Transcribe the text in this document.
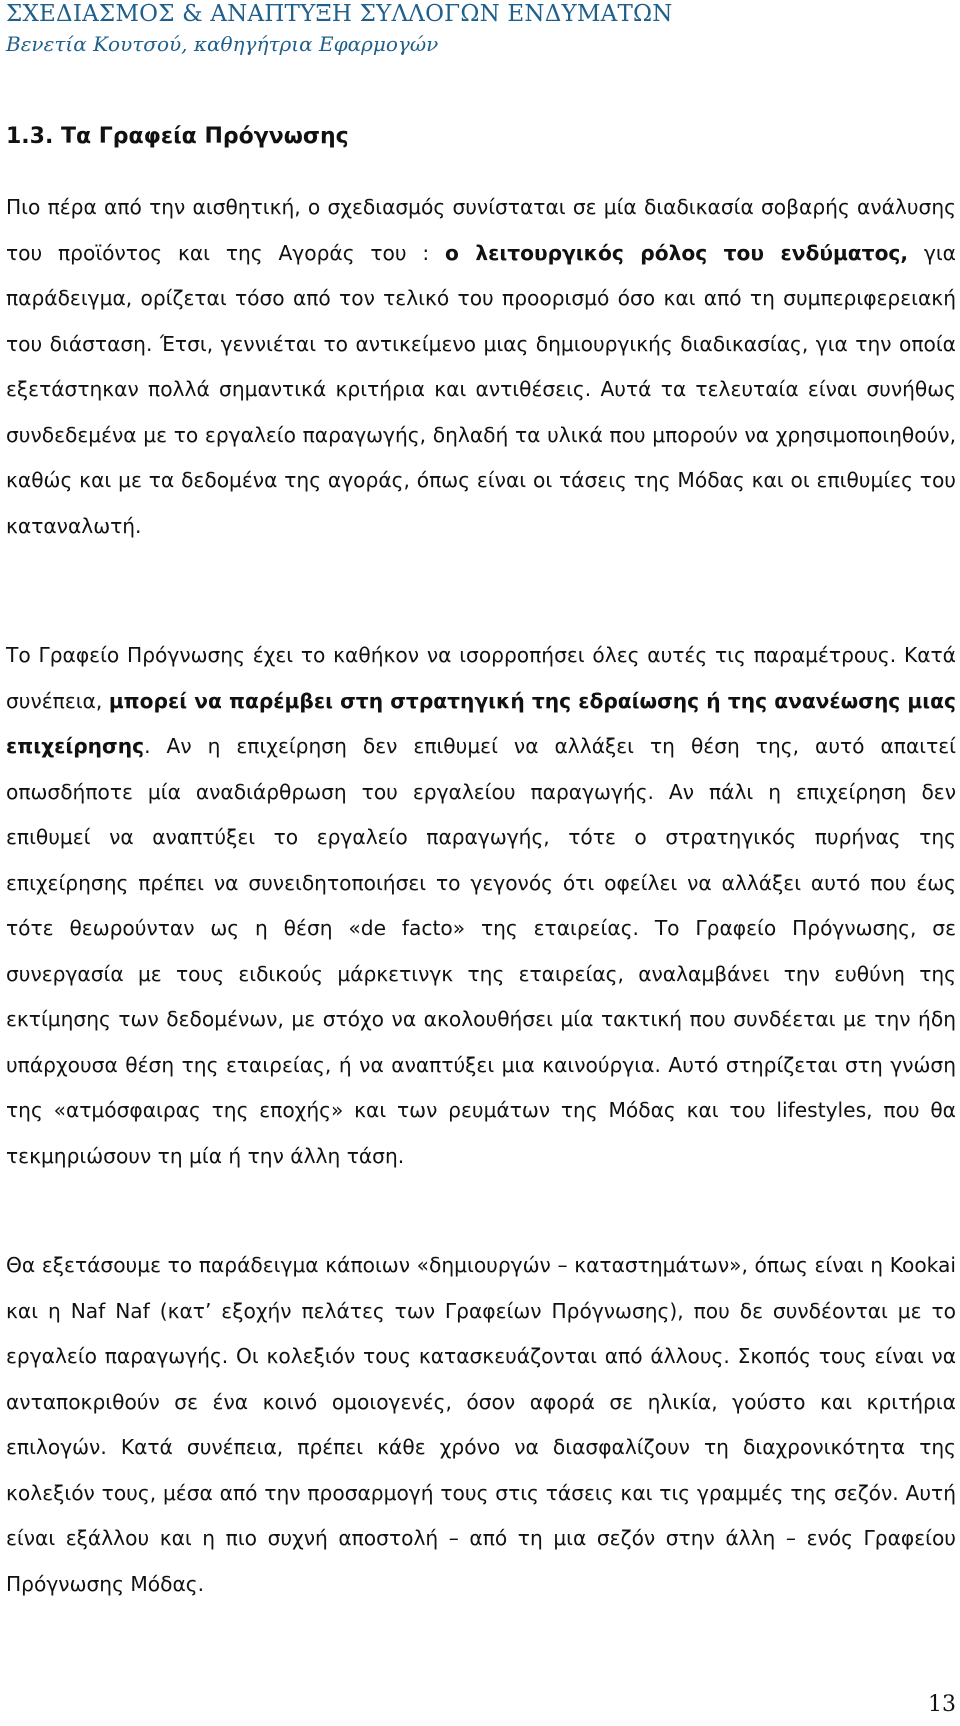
ΣΧΕΔΙΑΣΜΟΣ & ΑΝΑΠΤΥΞΗ ΣΥΛΛΟΓΩΝ ΕΝΔΥΜΑΤΩΝ
Βενετία Κουτσού, καθηγήτρια Εφαρμογών
1.3. Τα Γραφεία Πρόγνωσης

Πιο πέρα από την αισθητική, ο σχεδιασμός συνίσταται σε μία διαδικασία σοβαρής ανάλυσης του προϊόντος και της Αγοράς του : ο λειτουργικός ρόλος του ενδύματος, για παράδειγμα, ορίζεται τόσο από τον τελικό του προορισμό όσο και από τη συμπεριφερειακή του διάσταση. Έτσι, γεννιέται το αντικείμενο μιας δημιουργικής διαδικασίας, για την οποία εξετάστηκαν πολλά σημαντικά κριτήρια και αντιθέσεις. Αυτά τα τελευταία είναι συνήθως συνδεδεμένα με το εργαλείο παραγωγής, δηλαδή τα υλικά που μπορούν να χρησιμοποιηθούν, καθώς και με τα δεδομένα της αγοράς, όπως είναι οι τάσεις της Μόδας και οι επιθυμίες του καταναλωτή.

Το Γραφείο Πρόγνωσης έχει το καθήκον να ισορροπήσει όλες αυτές τις παραμέτρους. Κατά συνέπεια, μπορεί να παρέμβει στη στρατηγική της εδραίωσης ή της ανανέωσης μιας επιχείρησης. Αν η επιχείρηση δεν επιθυμεί να αλλάξει τη θέση της, αυτό απαιτεί οπωσδήποτε μία αναδιάρθρωση του εργαλείου παραγωγής. Αν πάλι η επιχείρηση δεν επιθυμεί να αναπτύξει το εργαλείο παραγωγής, τότε ο στρατηγικός πυρήνας της επιχείρησης πρέπει να συνειδητοποιήσει το γεγονός ότι οφείλει να αλλάξει αυτό που έως τότε θεωρούνταν ως η θέση «de facto» της εταιρείας. Το Γραφείο Πρόγνωσης, σε συνεργασία με τους ειδικούς μάρκετινγκ της εταιρείας, αναλαμβάνει την ευθύνη της εκτίμησης των δεδομένων, με στόχο να ακολουθήσει μία τακτική που συνδέεται με την ήδη υπάρχουσα θέση της εταιρείας, ή να αναπτύξει μια καινούργια. Αυτό στηρίζεται στη γνώση της «ατμόσφαιρας της εποχής» και των ρευμάτων της Μόδας και του lifestyles, που θα τεκμηριώσουν τη μία ή την άλλη τάση.

Θα εξετάσουμε το παράδειγμα κάποιων «δημιουργών – καταστημάτων», όπως είναι η Kookai και η Naf Naf (κατ’ εξοχήν πελάτες των Γραφείων Πρόγνωσης), που δε συνδέονται με το εργαλείο παραγωγής. Οι κολεξιόν τους κατασκευάζονται από άλλους. Σκοπός τους είναι να ανταποκριθούν σε ένα κοινό ομοιογενές, όσον αφορά σε ηλικία, γούστο και κριτήρια επιλογών. Κατά συνέπεια, πρέπει κάθε χρόνο να διασφαλίζουν τη διαχρονικότητα της κολεξιόν τους, μέσα από την προσαρμογή τους στις τάσεις και τις γραμμές της σεζόν. Αυτή είναι εξάλλου και η πιο συχνή αποστολή – από τη μια σεζόν στην άλλη – ενός Γραφείου Πρόγνωσης Μόδας.

13
